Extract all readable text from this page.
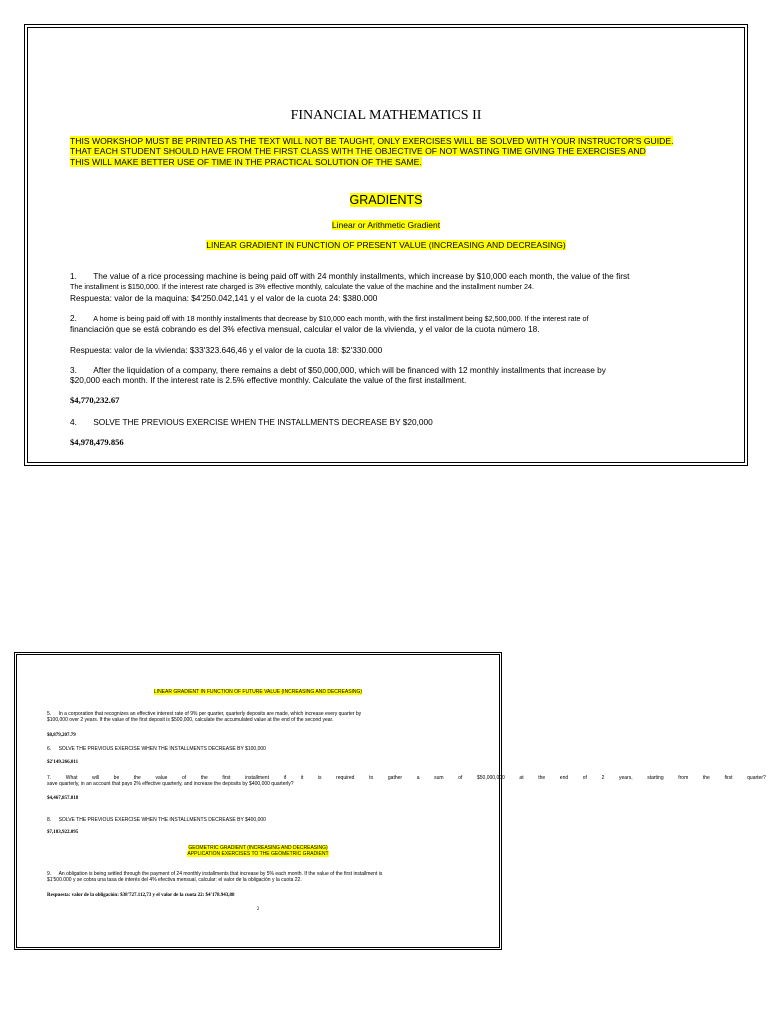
FINANCIAL MATHEMATICS II
THIS WORKSHOP MUST BE PRINTED AS THE TEXT WILL NOT BE TAUGHT, ONLY EXERCISES WILL BE SOLVED WITH YOUR INSTRUCTOR'S GUIDE.
THAT EACH STUDENT SHOULD HAVE FROM THE FIRST CLASS WITH THE OBJECTIVE OF NOT WASTING TIME GIVING THE EXERCISES AND
THIS WILL MAKE BETTER USE OF TIME IN THE PRACTICAL SOLUTION OF THE SAME.
GRADIENTS
Linear or Arithmetic Gradient
LINEAR GRADIENT IN FUNCTION OF PRESENT VALUE (INCREASING AND DECREASING)
1. The value of a rice processing machine is being paid off with 24 monthly installments, which increase by $10,000 each month, the value of the first
The installment is $150,000. If the interest rate charged is 3% effective monthly, calculate the value of the machine and the installment number 24.
Respuesta: valor de la maquina: $4'250.042,141 y el valor de la cuota 24: $380.000
2. A home is being paid off with 18 monthly installments that decrease by $10,000 each month, with the first installment being $2,500,000. If the interest rate of
financiación que se está cobrando es del 3% efectiva mensual, calcular el valor de la vivienda, y el valor de la cuota número 18.
Respuesta: valor de la vivienda: $33'323.646,46 y el valor de la cuota 18: $2'330.000
3. After the liquidation of a company, there remains a debt of $50,000,000, which will be financed with 12 monthly installments that increase by
$20,000 each month. If the interest rate is 2.5% effective monthly. Calculate the value of the first installment.
$4,770,232.67
4. SOLVE THE PREVIOUS EXERCISE WHEN THE INSTALLMENTS DECREASE BY $20,000
$4,978,479.856
LINEAR GRADIENT IN FUNCTION OF FUTURE VALUE (INCREASING AND DECREASING)
5. In a corporation that recognizes an effective interest rate of 9% per quarter, quarterly deposits are made, which increase every quarter by
$100,000 over 2 years. If the value of the first deposit is $500,000, calculate the accumulated value at the end of the second year.
$8,879,207.79
6. SOLVE THE PREVIOUS EXERCISE WHEN THE INSTALLMENTS DECREASE BY $100,000
$2'149.266,011
7.	What	will	be	the	value	of	the	first	installment	if	it	is	required	to	gather	a	sum	of	$50,000,000	at	the	end	of	2	years,	starting	from	the	first	quarter?
save quarterly, in an account that pays 2% effective quarterly, and increase the deposits by $400,000 quarterly?
$4,467,857.818
8. SOLVE THE PREVIOUS EXERCISE WHEN THE INSTALLMENTS DECREASE BY $400,000
$7,183,922.095
GEOMETRIC GRADIENT (INCREASING AND DECREASING)
APPLICATION EXERCISES TO THE GEOMETRIC GRADIENT
9. An obligation is being settled through the payment of 24 monthly installments that increase by 5% each month. If the value of the first installment is
$1'500.000 y se cobra una tasa de interés del 4% efectiva mensual, calcular: el valor de la obligación y la cuota 22.
Respuesta: valor de la obligación: $38'727.112,73 y el valor de la cuota 22: $4'178.943,88
2
